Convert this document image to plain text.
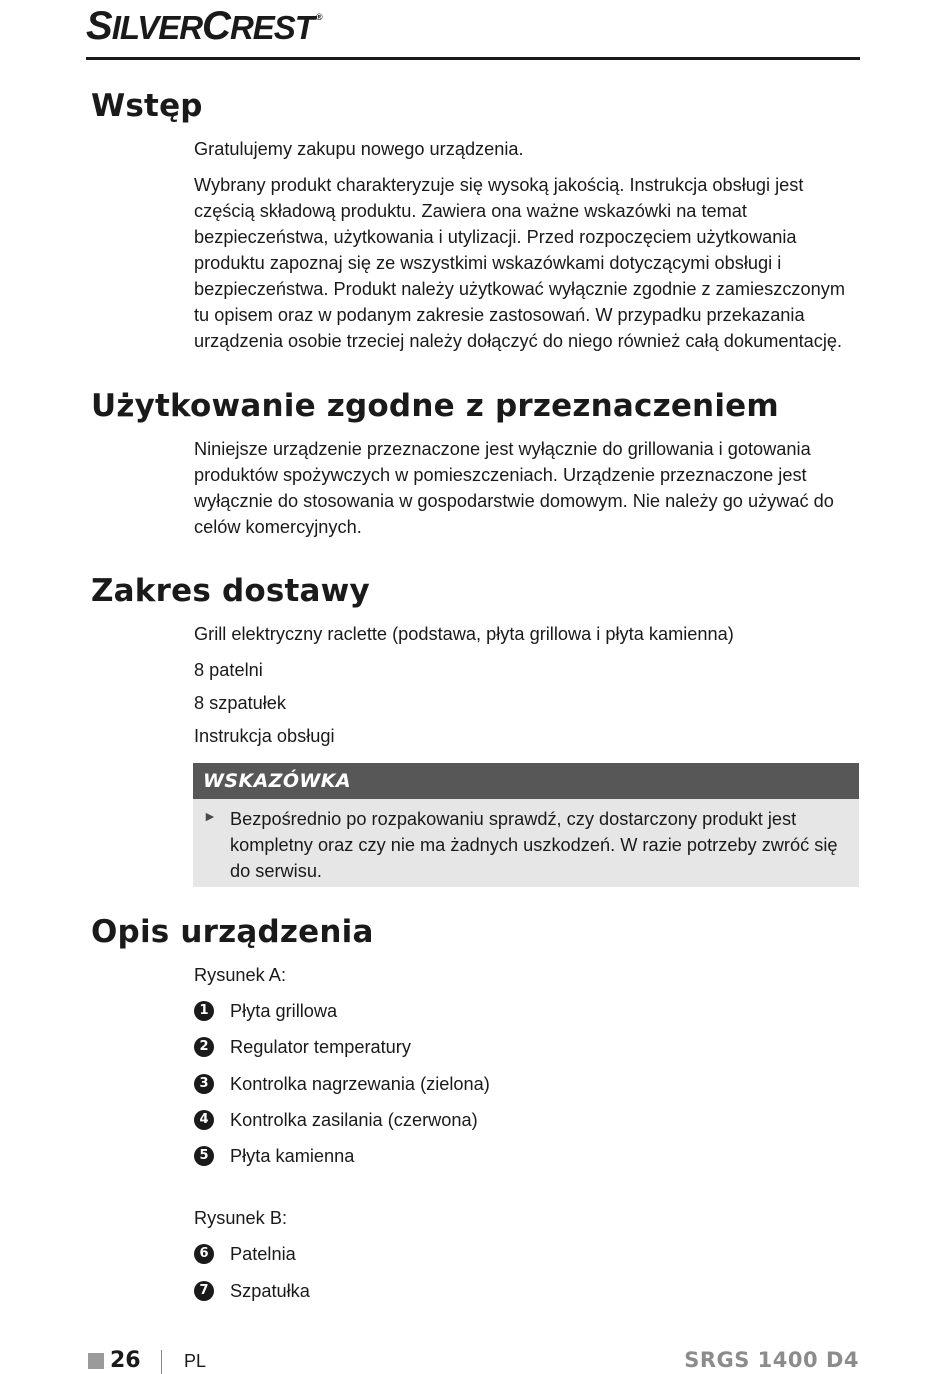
SILVERCREST ®
Wstęp

Gratulujemy zakupu nowego urządzenia.

Wybrany produkt charakteryzuje się wysoką jakością. Instrukcja obsługi jest częścią składową produktu. Zawiera ona ważne wskazówki na temat bezpieczeństwa, użytkowania i utylizacji. Przed rozpoczęciem użytkowania produktu zapoznaj się ze wszystkimi wskazówkami dotyczącymi obsługi i bezpieczeństwa. Produkt należy użytkować wyłącznie zgodnie z zamieszczonym tu opisem oraz w podanym zakresie zastosowań. W przypadku przekazania urządzenia osobie trzeciej należy dołączyć do niego również całą dokumentację.

Użytkowanie zgodne z przeznaczeniem

Niniejsze urządzenie przeznaczone jest wyłącznie do grillowania i gotowania produktów spożywczych w pomieszczeniach. Urządzenie przeznaczone jest wyłącznie do stosowania w gospodarstwie domowym. Nie należy go używać do celów komercyjnych.

Zakres dostawy

Grill elektryczny raclette (podstawa, płyta grillowa i płyta kamienna)

8 patelni

8 szpatułek

Instrukcja obsługi

WSKAZÓWKA
► Bezpośrednio po rozpakowaniu sprawdź, czy dostarczony produkt jest kompletny oraz czy nie ma żadnych uszkodzeń. W razie potrzeby zwróć się do serwisu.

Opis urządzenia

Rysunek A:

1	Płyta grillowa
2	Regulator temperatury
3	Kontrolka nagrzewania (zielona)
4	Kontrolka zasilania (czerwona)
5	Płyta kamienna

Rysunek B:

6	Patelnia
7	Szpatułka
26 PL	SRGS 1400 D4
